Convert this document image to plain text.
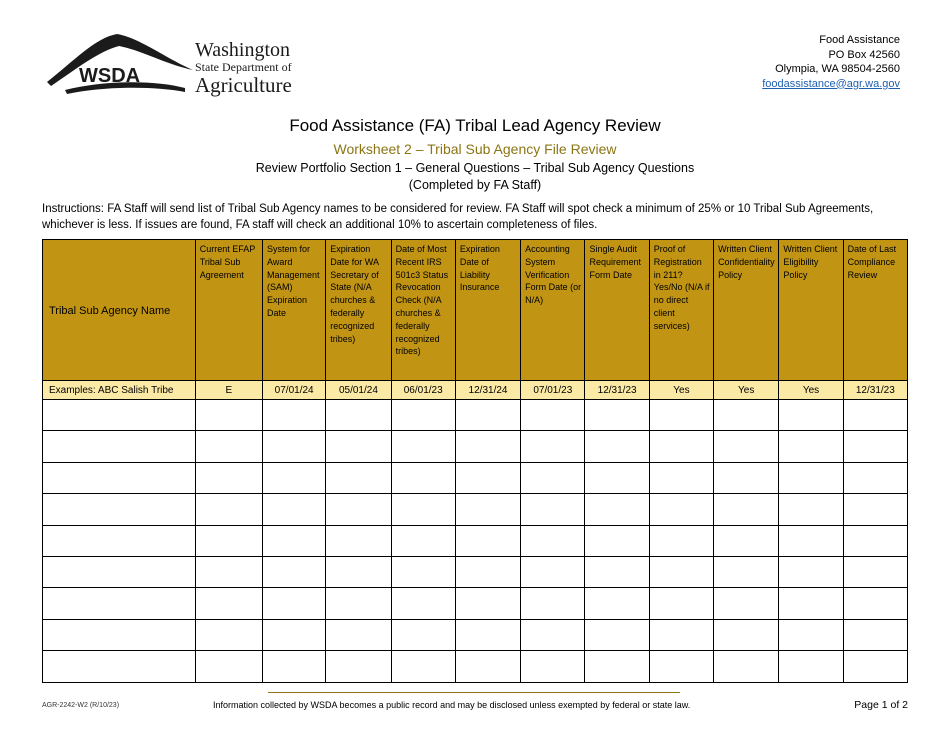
WSDA
Washington
State Department of
Agriculture
Food Assistance
PO Box 42560
Olympia, WA 98504-2560
foodassistance@agr.wa.gov
Food Assistance (FA) Tribal Lead Agency Review
Worksheet 2 – Tribal Sub Agency File Review
Review Portfolio Section 1 – General Questions – Tribal Sub Agency Questions
(Completed by FA Staff)
Instructions: FA Staff will send list of Tribal Sub Agency names to be considered for review. FA Staff will spot check a minimum of 25% or 10 Tribal Sub Agreements, whichever is less. If issues are found, FA staff will check an additional 10% to ascertain completeness of files.
Tribal Sub Agency Name	Current EFAP Tribal Sub Agreement	System for Award Management (SAM) Expiration Date	Expiration Date for WA Secretary of State (N/A churches & federally recognized tribes)	Date of Most Recent IRS 501c3 Status Revocation Check (N/A churches & federally recognized tribes)	Expiration Date of Liability Insurance	Accounting System Verification Form Date (or N/A)	Single Audit Requirement Form Date	Proof of Registration in 211? Yes/No (N/A if no direct client services)	Written Client Confidentiality Policy	Written Client Eligibility Policy	Date of Last Compliance Review
Examples: ABC Salish Tribe	E	07/01/24	05/01/24	06/01/23	12/31/24	07/01/23	12/31/23	Yes	Yes	Yes	12/31/23

AGR-2242-W2 (R/10/23)	Information collected by WSDA becomes a public record and may be disclosed unless exempted by federal or state law.	Page 1 of 2
